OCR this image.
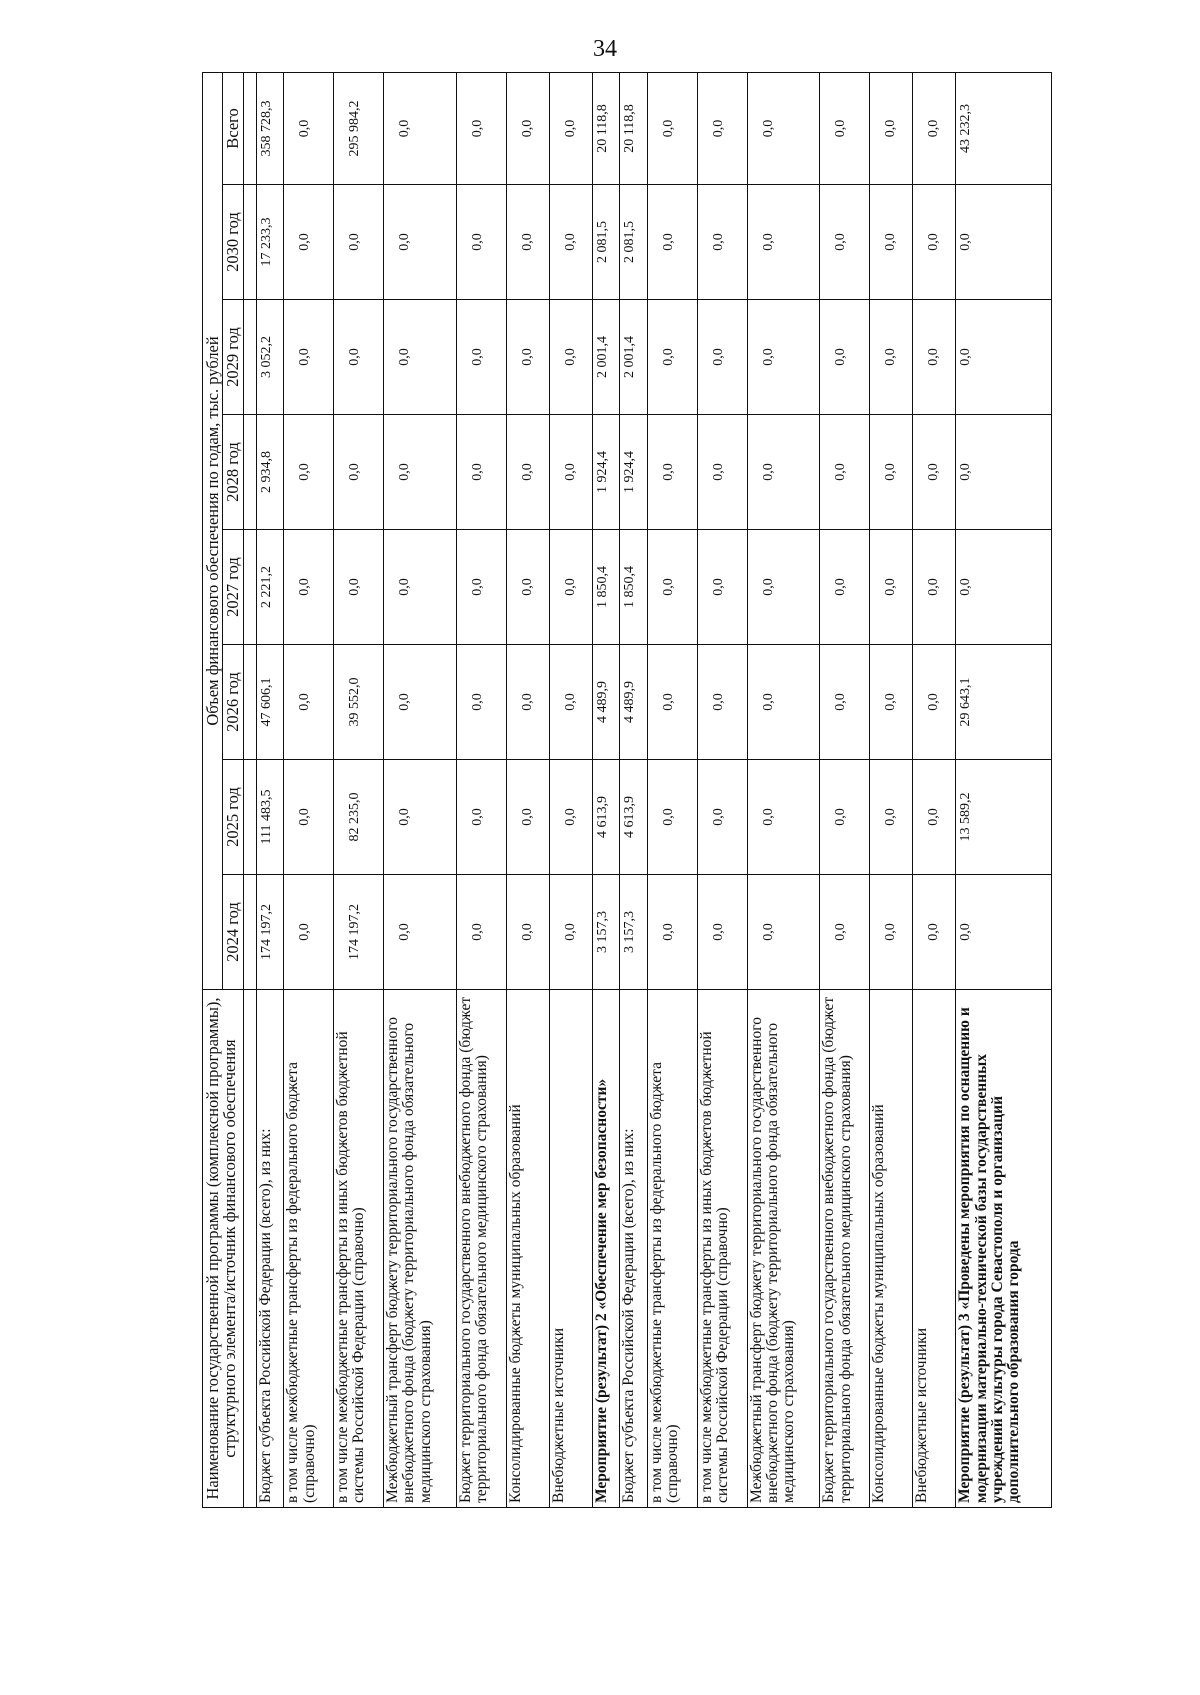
34
Наименование государственной программы (комплексной программы), структурного элемента/источник финансового обеспечения	Объем финансового обеспечения по годам, тыс. рублей							
	2024 год	2025 год	2026 год	2027 год	2028 год	2029 год	2030 год	Всего

Бюджет субъекта Российской Федерации (всего), из них:	174 197,2	111 483,5	47 606,1	2 221,2	2 934,8	3 052,2	17 233,3	358 728,3
в том числе межбюджетные трансферты из федерального бюджета (справочно)	0,0	0,0	0,0	0,0	0,0	0,0	0,0	0,0
в том числе межбюджетные трансферты из иных бюджетов бюджетной системы Российской Федерации (справочно)	174 197,2	82 235,0	39 552,0	0,0	0,0	0,0	0,0	295 984,2
Межбюджетный трансферт бюджету территориального государственного внебюджетного фонда (бюджету территориального фонда обязательного медицинского страхования)	0,0	0,0	0,0	0,0	0,0	0,0	0,0	0,0
Бюджет территориального государственного внебюджетного фонда (бюджет территориального фонда обязательного медицинского страхования)	0,0	0,0	0,0	0,0	0,0	0,0	0,0	0,0
Консолидированные бюджеты муниципальных образований	0,0	0,0	0,0	0,0	0,0	0,0	0,0	0,0
Внебюджетные источники	0,0	0,0	0,0	0,0	0,0	0,0	0,0	0,0
Мероприятие (результат) 2 «Обеспечение мер безопасности»	3 157,3	4 613,9	4 489,9	1 850,4	1 924,4	2 001,4	2 081,5	20 118,8
Бюджет субъекта Российской Федерации (всего), из них:	3 157,3	4 613,9	4 489,9	1 850,4	1 924,4	2 001,4	2 081,5	20 118,8
в том числе межбюджетные трансферты из федерального бюджета (справочно)	0,0	0,0	0,0	0,0	0,0	0,0	0,0	0,0
в том числе межбюджетные трансферты из иных бюджетов бюджетной системы Российской Федерации (справочно)	0,0	0,0	0,0	0,0	0,0	0,0	0,0	0,0
Межбюджетный трансферт бюджету территориального государственного внебюджетного фонда (бюджету территориального фонда обязательного медицинского страхования)	0,0	0,0	0,0	0,0	0,0	0,0	0,0	0,0
Бюджет территориального государственного внебюджетного фонда (бюджет территориального фонда обязательного медицинского страхования)	0,0	0,0	0,0	0,0	0,0	0,0	0,0	0,0
Консолидированные бюджеты муниципальных образований	0,0	0,0	0,0	0,0	0,0	0,0	0,0	0,0
Внебюджетные источники	0,0	0,0	0,0	0,0	0,0	0,0	0,0	0,0
Мероприятие (результат) 3 «Проведены мероприятия по оснащению и модернизации материально-технической базы государственных учреждений культуры города Севастополя и организаций дополнительного образования города	0,0	13 589,2	29 643,1	0,0	0,0	0,0	0,0	43 232,3
